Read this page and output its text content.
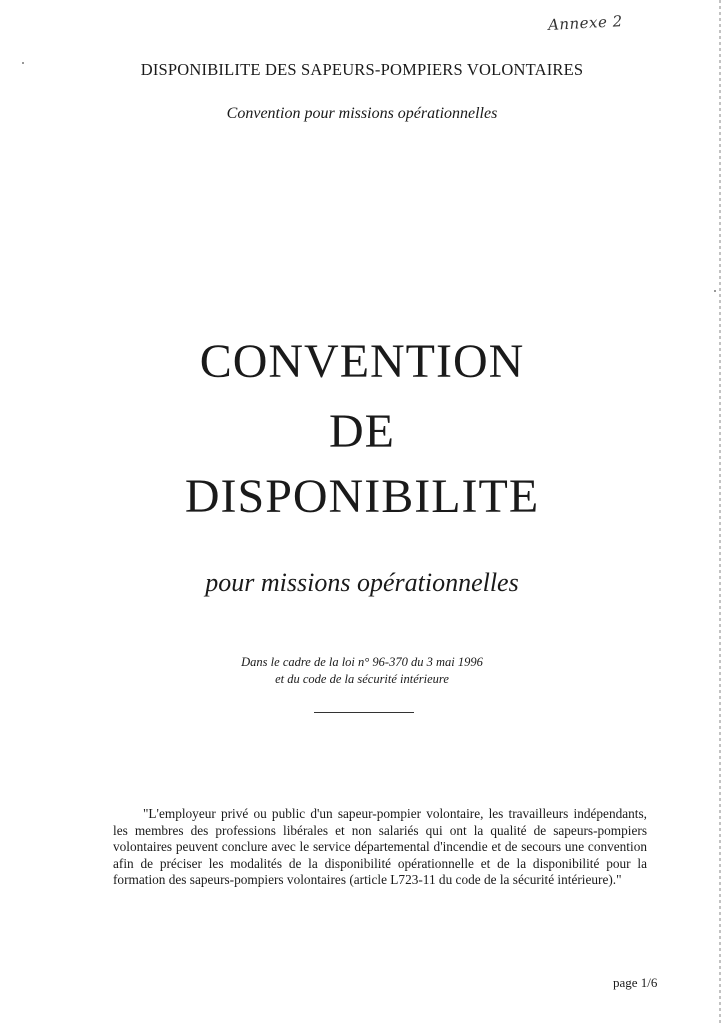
Annexe 2
DISPONIBILITE DES SAPEURS-POMPIERS VOLONTAIRES
Convention pour missions opérationnelles
CONVENTION
DE
DISPONIBILITE
pour missions opérationnelles
Dans le cadre de la loi n° 96-370 du 3 mai 1996
et du code de la sécurité intérieure
"L'employeur privé ou public d'un sapeur-pompier volontaire, les travailleurs indépendants, les membres des professions libérales et non salariés qui ont la qualité de sapeurs-pompiers volontaires peuvent conclure avec le service départemental d'incendie et de secours une convention afin de préciser les modalités de la disponibilité opérationnelle et de la disponibilité pour la formation des sapeurs-pompiers volontaires (article L723-11 du code de la sécurité intérieure)."
page 1/6
